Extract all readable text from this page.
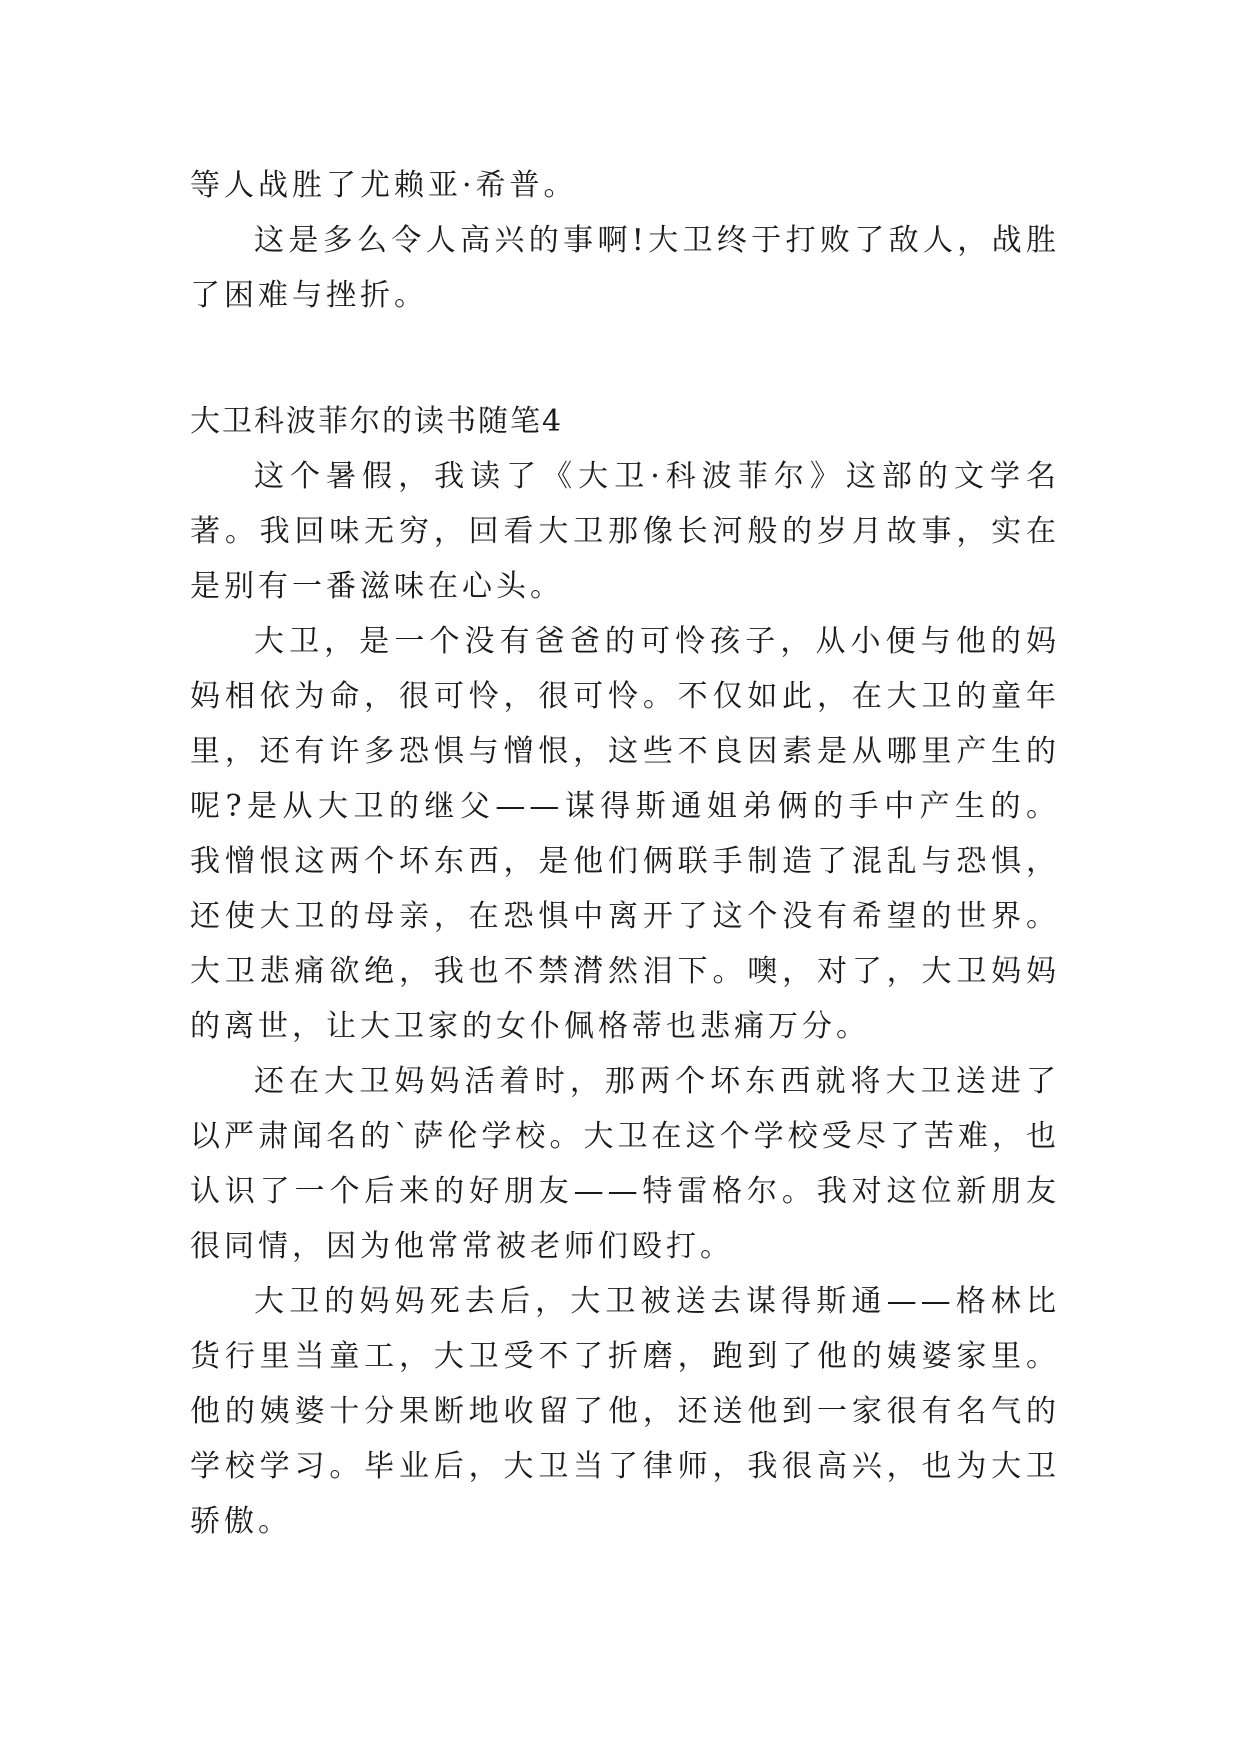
等人战胜了尤赖亚·希普。

这是多么令人高兴的事啊!大卫终于打败了敌人，战胜了困难与挫折。

大卫科波菲尔的读书随笔4

这个暑假，我读了《大卫·科波菲尔》这部的文学名著。我回味无穷，回看大卫那像长河般的岁月故事，实在是别有一番滋味在心头。

大卫，是一个没有爸爸的可怜孩子，从小便与他的妈妈相依为命，很可怜，很可怜。不仅如此，在大卫的童年里，还有许多恐惧与憎恨，这些不良因素是从哪里产生的呢?是从大卫的继父——谋得斯通姐弟俩的手中产生的。我憎恨这两个坏东西，是他们俩联手制造了混乱与恐惧，还使大卫的母亲，在恐惧中离开了这个没有希望的世界。大卫悲痛欲绝，我也不禁潸然泪下。噢，对了，大卫妈妈的离世，让大卫家的女仆佩格蒂也悲痛万分。

还在大卫妈妈活着时，那两个坏东西就将大卫送进了以严肃闻名的`萨伦学校。大卫在这个学校受尽了苦难，也认识了一个后来的好朋友——特雷格尔。我对这位新朋友很同情，因为他常常被老师们殴打。

大卫的妈妈死去后，大卫被送去谋得斯通——格林比货行里当童工，大卫受不了折磨，跑到了他的姨婆家里。他的姨婆十分果断地收留了他，还送他到一家很有名气的学校学习。毕业后，大卫当了律师，我很高兴，也为大卫骄傲。
